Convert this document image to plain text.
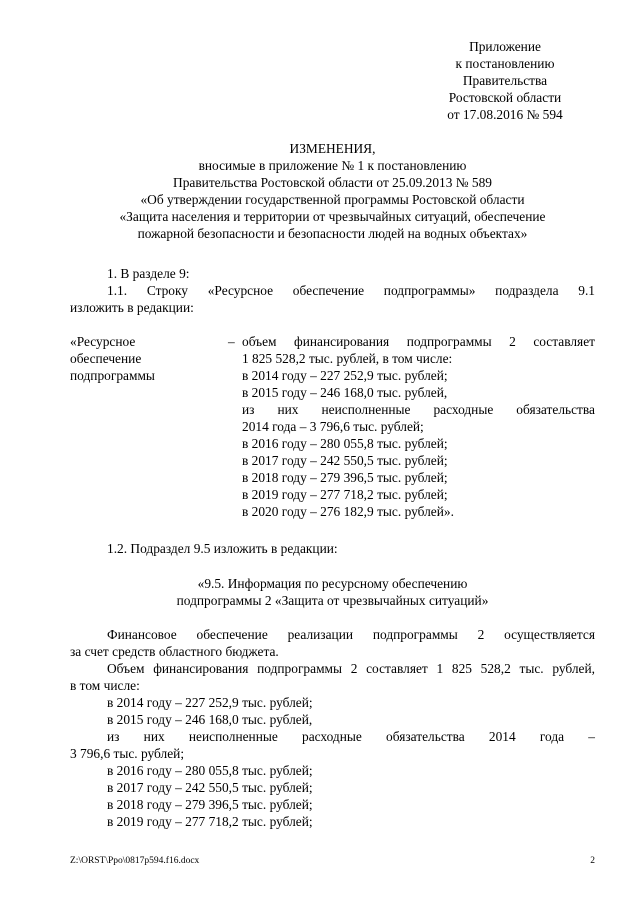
Приложение
к постановлению
Правительства
Ростовской области
от 17.08.2016 № 594
ИЗМЕНЕНИЯ,
вносимые в приложение № 1 к постановлению
Правительства Ростовской области от 25.09.2013 № 589
«Об утверждении государственной программы Ростовской области
«Защита населения и территории от чрезвычайных ситуаций, обеспечение
пожарной безопасности и безопасности людей на водных объектах»
1. В разделе 9:
1.1. Строку «Ресурсное обеспечение подпрограммы» подраздела 9.1
изложить в редакции:
«Ресурсное
обеспечение
подпрограммы
– объем финансирования подпрограммы 2 составляет
1 825 528,2 тыс. рублей, в том числе:
в 2014 году – 227 252,9 тыс. рублей;
в 2015 году – 246 168,0 тыс. рублей,
из них неисполненные расходные обязательства
2014 года – 3 796,6 тыс. рублей;
в 2016 году – 280 055,8 тыс. рублей;
в 2017 году – 242 550,5 тыс. рублей;
в 2018 году – 279 396,5 тыс. рублей;
в 2019 году – 277 718,2 тыс. рублей;
в 2020 году – 276 182,9 тыс. рублей».
1.2. Подраздел 9.5 изложить в редакции:
«9.5. Информация по ресурсному обеспечению
подпрограммы 2 «Защита от чрезвычайных ситуаций»
Финансовое обеспечение реализации подпрограммы 2 осуществляется
за счет средств областного бюджета.
Объем финансирования подпрограммы 2 составляет 1 825 528,2 тыс. рублей,
в том числе:
в 2014 году – 227 252,9 тыс. рублей;
в 2015 году – 246 168,0 тыс. рублей,
из них неисполненные расходные обязательства 2014 года –
3 796,6 тыс. рублей;
в 2016 году – 280 055,8 тыс. рублей;
в 2017 году – 242 550,5 тыс. рублей;
в 2018 году – 279 396,5 тыс. рублей;
в 2019 году – 277 718,2 тыс. рублей;
Z:\ORST\Ppo\0817p594.f16.docx	2
